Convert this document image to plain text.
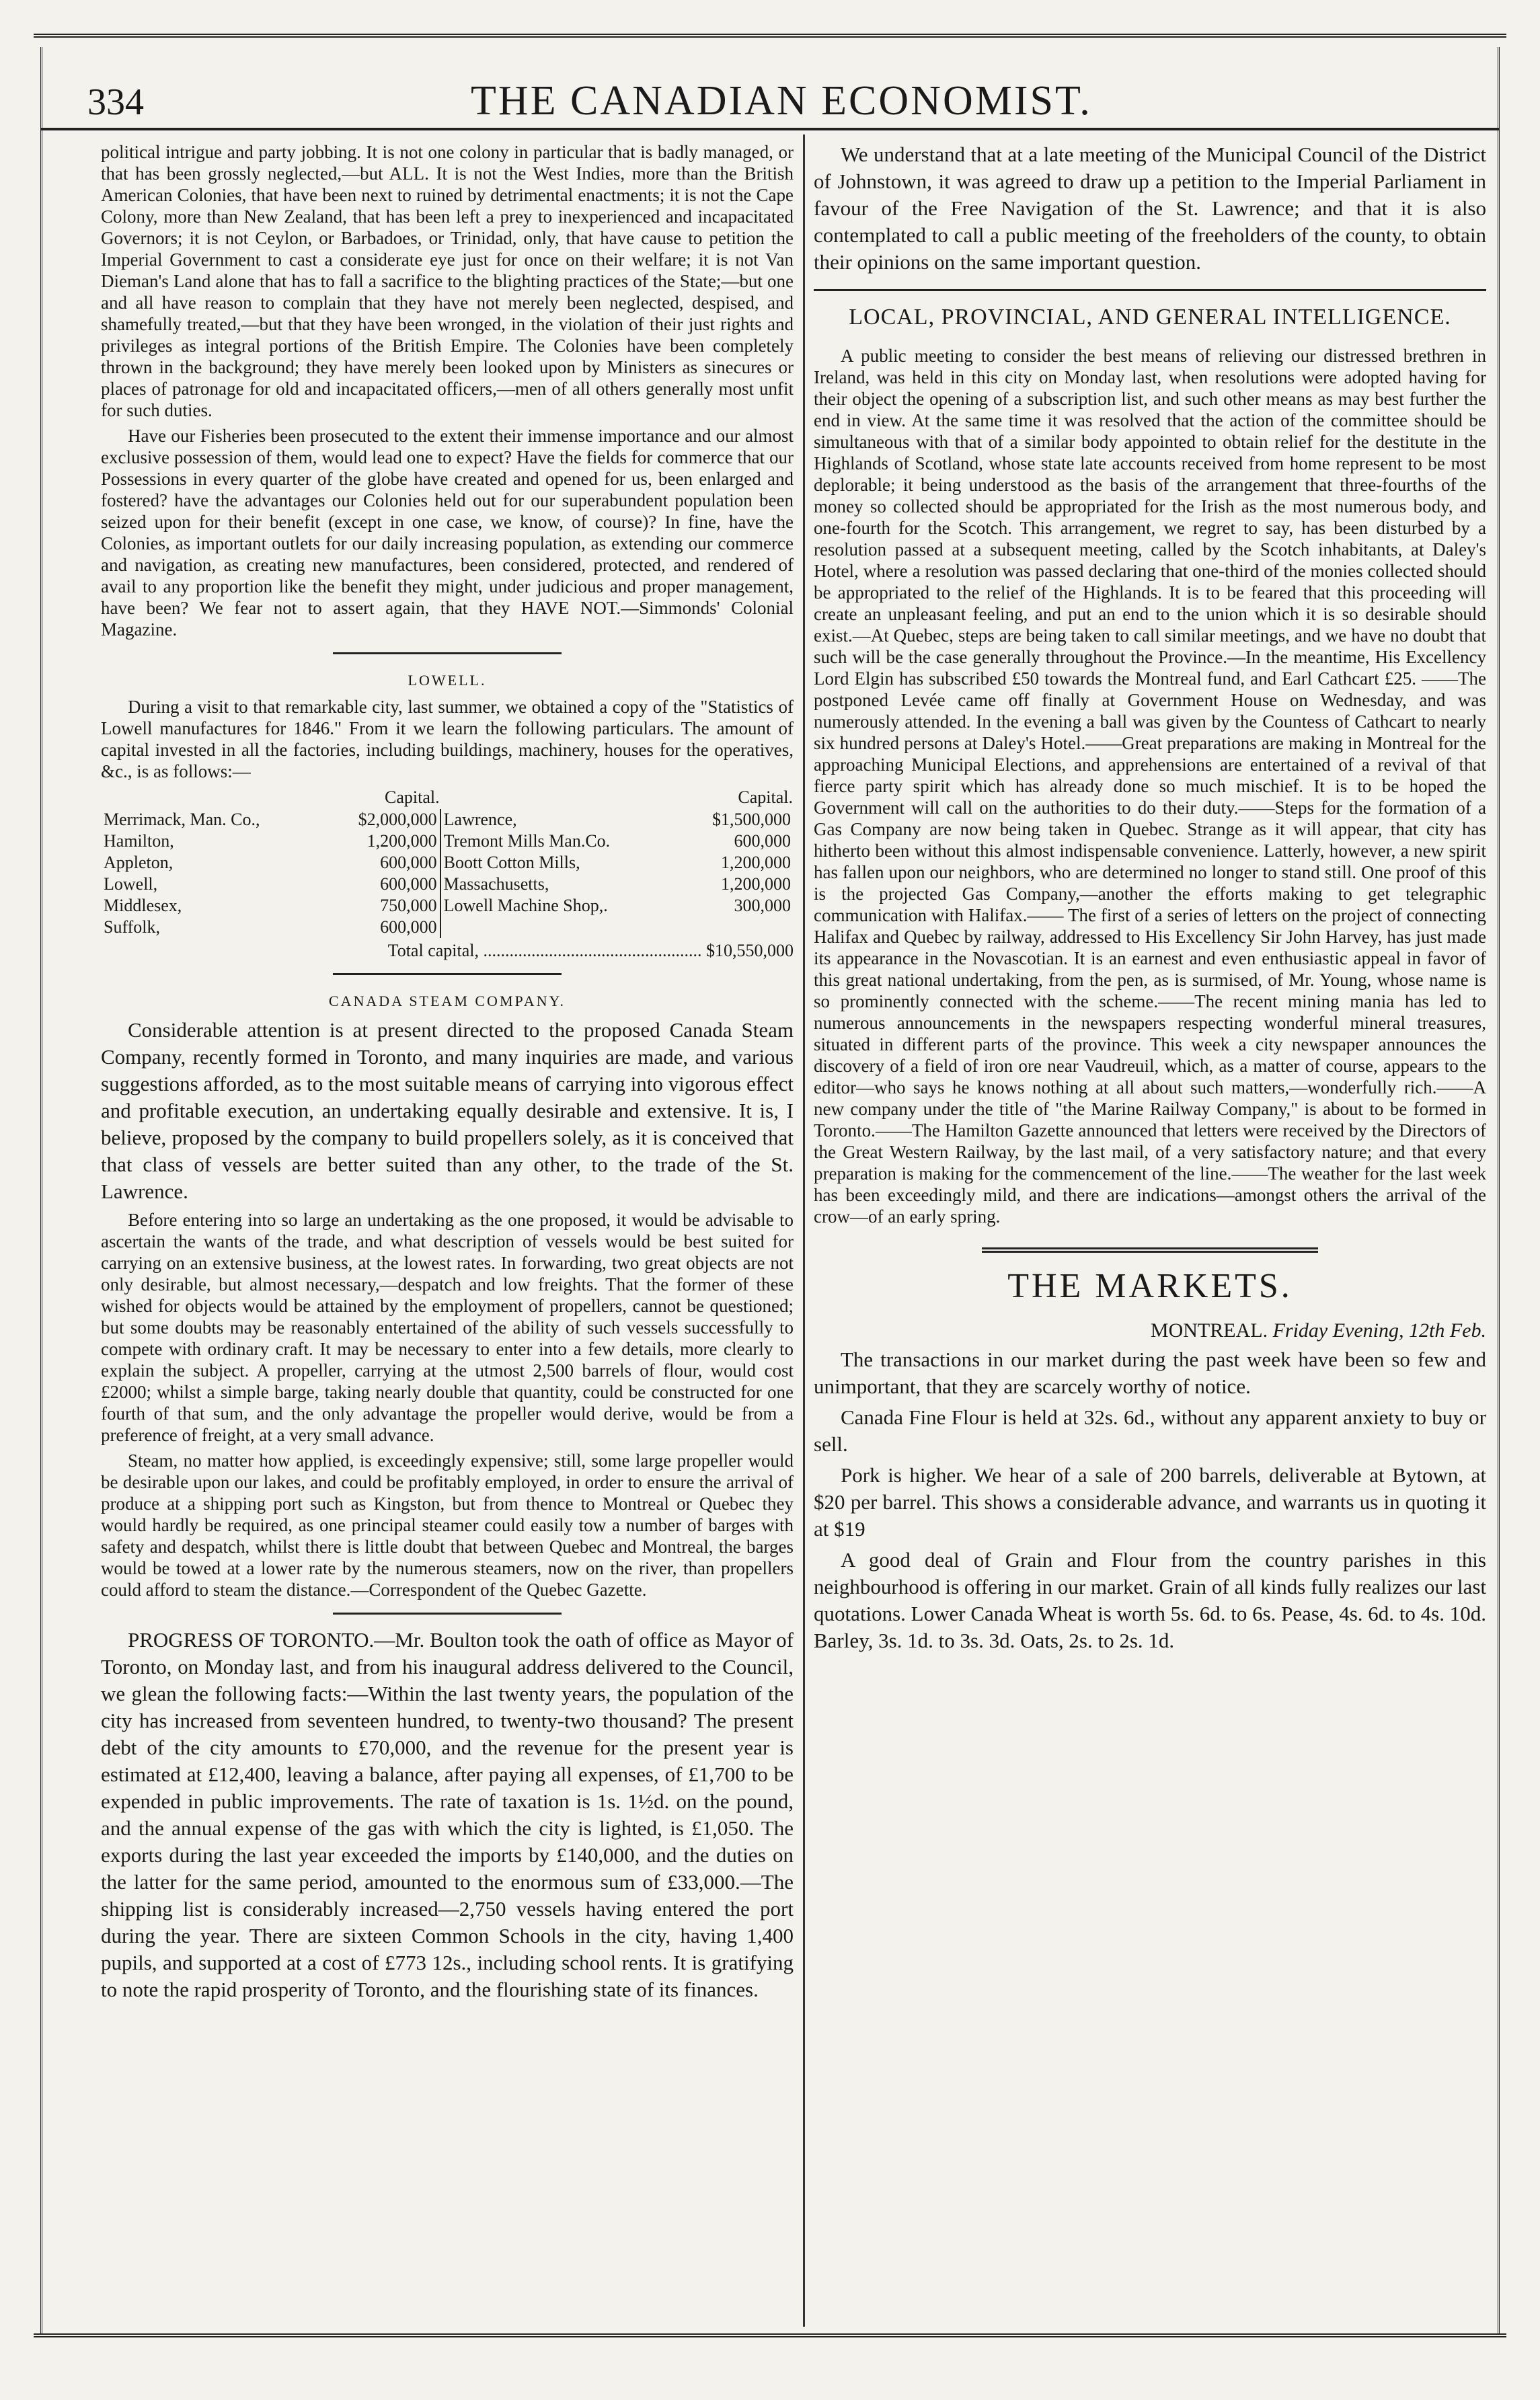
334	THE CANADIAN ECONOMIST.

political intrigue and party jobbing. It is not one colony in particular that is badly managed, or that has been grossly neglected,—but ALL. It is not the West Indies, more than the British American Colonies, that have been next to ruined by detrimental enactments; it is not the Cape Colony, more than New Zealand, that has been left a prey to inexperienced and incapacitated Governors; it is not Ceylon, or Barbadoes, or Trinidad, only, that have cause to petition the Imperial Government to cast a considerate eye just for once on their welfare; it is not Van Dieman's Land alone that has to fall a sacrifice to the blighting practices of the State;—but one and all have reason to complain that they have not merely been neglected, despised, and shamefully treated,—but that they have been wronged, in the violation of their just rights and privileges as integral portions of the British Empire. The Colonies have been completely thrown in the background; they have merely been looked upon by Ministers as sinecures or places of patronage for old and incapacitated officers,—men of all others generally most unfit for such duties.

Have our Fisheries been prosecuted to the extent their immense importance and our almost exclusive possession of them, would lead one to expect? Have the fields for commerce that our Possessions in every quarter of the globe have created and opened for us, been enlarged and fostered? have the advantages our Colonies held out for our superabundent population been seized upon for their benefit (except in one case, we know, of course)? In fine, have the Colonies, as important outlets for our daily increasing population, as extending our commerce and navigation, as creating new manufactures, been considered, protected, and rendered of avail to any proportion like the benefit they might, under judicious and proper management, have been? We fear not to assert again, that they HAVE NOT.—Simmonds' Colonial Magazine.

LOWELL.

During a visit to that remarkable city, last summer, we obtained a copy of the "Statistics of Lowell manufactures for 1846." From it we learn the following particulars. The amount of capital invested in all the factories, including buildings, machinery, houses for the operatives, &c., is as follows:—

Capital.		Capital.	
Merrimack, Man. Co.,	$2,000,000	Lawrence,	$1,500,000
Hamilton,	1,200,000	Tremont Mills Man.Co.	600,000
Appleton,	600,000	Boott Cotton Mills,	1,200,000
Lowell,	600,000	Massachusetts,	1,200,000
Middlesex,	750,000	Lowell Machine Shop,.	300,000
Suffolk,	600,000		
Total capital, .................................................. $10,550,000
CANADA STEAM COMPANY.

Considerable attention is at present directed to the proposed Canada Steam Company, recently formed in Toronto, and many inquiries are made, and various suggestions afforded, as to the most suitable means of carrying into vigorous effect and profitable execution, an undertaking equally desirable and extensive. It is, I believe, proposed by the company to build propellers solely, as it is conceived that that class of vessels are better suited than any other, to the trade of the St. Lawrence.

Before entering into so large an undertaking as the one proposed, it would be advisable to ascertain the wants of the trade, and what description of vessels would be best suited for carrying on an extensive business, at the lowest rates. In forwarding, two great objects are not only desirable, but almost necessary,—despatch and low freights. That the former of these wished for objects would be attained by the employment of propellers, cannot be questioned; but some doubts may be reasonably entertained of the ability of such vessels successfully to compete with ordinary craft. It may be necessary to enter into a few details, more clearly to explain the subject. A propeller, carrying at the utmost 2,500 barrels of flour, would cost £2000; whilst a simple barge, taking nearly double that quantity, could be constructed for one fourth of that sum, and the only advantage the propeller would derive, would be from a preference of freight, at a very small advance.

Steam, no matter how applied, is exceedingly expensive; still, some large propeller would be desirable upon our lakes, and could be profitably employed, in order to ensure the arrival of produce at a shipping port such as Kingston, but from thence to Montreal or Quebec they would hardly be required, as one principal steamer could easily tow a number of barges with safety and despatch, whilst there is little doubt that between Quebec and Montreal, the barges would be towed at a lower rate by the numerous steamers, now on the river, than propellers could afford to steam the distance.—Correspondent of the Quebec Gazette.

PROGRESS OF TORONTO.—Mr. Boulton took the oath of office as Mayor of Toronto, on Monday last, and from his inaugural address delivered to the Council, we glean the following facts:—Within the last twenty years, the population of the city has increased from seventeen hundred, to twenty-two thousand? The present debt of the city amounts to £70,000, and the revenue for the present year is estimated at £12,400, leaving a balance, after paying all expenses, of £1,700 to be expended in public improvements. The rate of taxation is 1s. 1½d. on the pound, and the annual expense of the gas with which the city is lighted, is £1,050. The exports during the last year exceeded the imports by £140,000, and the duties on the latter for the same period, amounted to the enormous sum of £33,000.—The shipping list is considerably increased—2,750 vessels having entered the port during the year. There are sixteen Common Schools in the city, having 1,400 pupils, and supported at a cost of £773 12s., including school rents. It is gratifying to note the rapid prosperity of Toronto, and the flourishing state of its finances.

We understand that at a late meeting of the Municipal Council of the District of Johnstown, it was agreed to draw up a petition to the Imperial Parliament in favour of the Free Navigation of the St. Lawrence; and that it is also contemplated to call a public meeting of the freeholders of the county, to obtain their opinions on the same important question.

LOCAL, PROVINCIAL, AND GENERAL INTELLIGENCE.

A public meeting to consider the best means of relieving our distressed brethren in Ireland, was held in this city on Monday last, when resolutions were adopted having for their object the opening of a subscription list, and such other means as may best further the end in view. At the same time it was resolved that the action of the committee should be simultaneous with that of a similar body appointed to obtain relief for the destitute in the Highlands of Scotland, whose state late accounts received from home represent to be most deplorable; it being understood as the basis of the arrangement that three-fourths of the money so collected should be appropriated for the Irish as the most numerous body, and one-fourth for the Scotch. This arrangement, we regret to say, has been disturbed by a resolution passed at a subsequent meeting, called by the Scotch inhabitants, at Daley's Hotel, where a resolution was passed declaring that one-third of the monies collected should be appropriated to the relief of the Highlands. It is to be feared that this proceeding will create an unpleasant feeling, and put an end to the union which it is so desirable should exist.—At Quebec, steps are being taken to call similar meetings, and we have no doubt that such will be the case generally throughout the Province.—In the meantime, His Excellency Lord Elgin has subscribed £50 towards the Montreal fund, and Earl Cathcart £25. ——The postponed Levée came off finally at Government House on Wednesday, and was numerously attended. In the evening a ball was given by the Countess of Cathcart to nearly six hundred persons at Daley's Hotel.——Great preparations are making in Montreal for the approaching Municipal Elections, and apprehensions are entertained of a revival of that fierce party spirit which has already done so much mischief. It is to be hoped the Government will call on the authorities to do their duty.——Steps for the formation of a Gas Company are now being taken in Quebec. Strange as it will appear, that city has hitherto been without this almost indispensable convenience. Latterly, however, a new spirit has fallen upon our neighbors, who are determined no longer to stand still. One proof of this is the projected Gas Company,—another the efforts making to get telegraphic communication with Halifax.—— The first of a series of letters on the project of connecting Halifax and Quebec by railway, addressed to His Excellency Sir John Harvey, has just made its appearance in the Novascotian. It is an earnest and even enthusiastic appeal in favor of this great national undertaking, from the pen, as is surmised, of Mr. Young, whose name is so prominently connected with the scheme.——The recent mining mania has led to numerous announcements in the newspapers respecting wonderful mineral treasures, situated in different parts of the province. This week a city newspaper announces the discovery of a field of iron ore near Vaudreuil, which, as a matter of course, appears to the editor—who says he knows nothing at all about such matters,—wonderfully rich.——A new company under the title of "the Marine Railway Company," is about to be formed in Toronto.——The Hamilton Gazette announced that letters were received by the Directors of the Great Western Railway, by the last mail, of a very satisfactory nature; and that every preparation is making for the commencement of the line.——The weather for the last week has been exceedingly mild, and there are indications—amongst others the arrival of the crow—of an early spring.

THE MARKETS.
MONTREAL. Friday Evening, 12th Feb.

The transactions in our market during the past week have been so few and unimportant, that they are scarcely worthy of notice.

Canada Fine Flour is held at 32s. 6d., without any apparent anxiety to buy or sell.

Pork is higher. We hear of a sale of 200 barrels, deliverable at Bytown, at $20 per barrel. This shows a considerable advance, and warrants us in quoting it at $19

A good deal of Grain and Flour from the country parishes in this neighbourhood is offering in our market. Grain of all kinds fully realizes our last quotations. Lower Canada Wheat is worth 5s. 6d. to 6s. Pease, 4s. 6d. to 4s. 10d. Barley, 3s. 1d. to 3s. 3d. Oats, 2s. to 2s. 1d.
